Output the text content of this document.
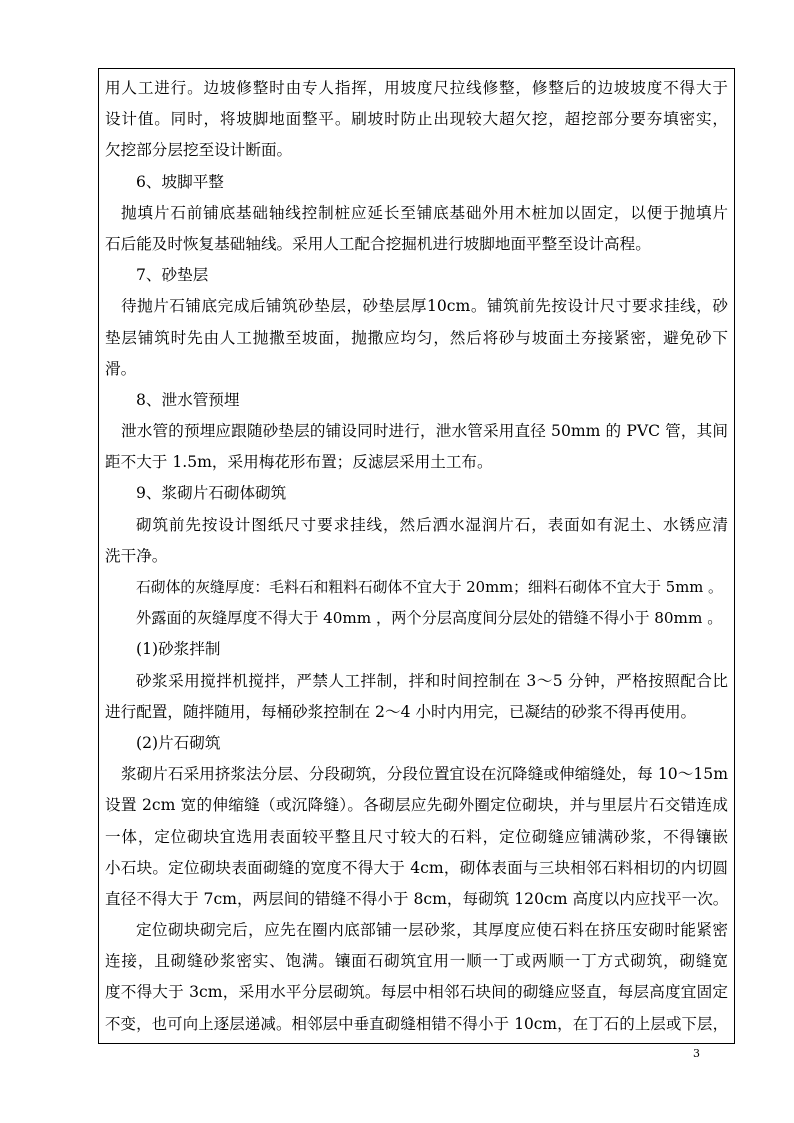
用人工进行。边坡修整时由专人指挥，用坡度尺拉线修整，修整后的边坡坡度不得大于
设计值。同时，将坡脚地面整平。刷坡时防止出现较大超欠挖，超挖部分要夯填密实，
欠挖部分层挖至设计断面。
6、坡脚平整
抛填片石前铺底基础轴线控制桩应延长至铺底基础外用木桩加以固定，以便于抛填片
石后能及时恢复基础轴线。采用人工配合挖掘机进行坡脚地面平整至设计高程。
7、砂垫层
待抛片石铺底完成后铺筑砂垫层，砂垫层厚10cm。铺筑前先按设计尺寸要求挂线，砂
垫层铺筑时先由人工抛撒至坡面，抛撒应均匀，然后将砂与坡面土夯接紧密，避免砂下
滑。
8、泄水管预埋
泄水管的预埋应跟随砂垫层的铺设同时进行，泄水管采用直径 50mm 的 PVC 管，其间
距不大于 1.5m，采用梅花形布置；反滤层采用土工布。
9、浆砌片石砌体砌筑
砌筑前先按设计图纸尺寸要求挂线，然后洒水湿润片石，表面如有泥土、水锈应清
洗干净。
石砌体的灰缝厚度：毛料石和粗料石砌体不宜大于 20mm；细料石砌体不宜大于 5mm 。
外露面的灰缝厚度不得大于 40mm ，两个分层高度间分层处的错缝不得小于 80mm 。
(1)砂浆拌制
砂浆采用搅拌机搅拌，严禁人工拌制，拌和时间控制在 3～5 分钟，严格按照配合比
进行配置，随拌随用，每桶砂浆控制在 2～4 小时内用完，已凝结的砂浆不得再使用。
(2)片石砌筑
浆砌片石采用挤浆法分层、分段砌筑，分段位置宜设在沉降缝或伸缩缝处，每 10～15m
设置 2cm 宽的伸缩缝（或沉降缝）。各砌层应先砌外圈定位砌块，并与里层片石交错连成
一体，定位砌块宜选用表面较平整且尺寸较大的石料，定位砌缝应铺满砂浆，不得镶嵌
小石块。定位砌块表面砌缝的宽度不得大于 4cm，砌体表面与三块相邻石料相切的内切圆
直径不得大于 7cm，两层间的错缝不得小于 8cm，每砌筑 120cm 高度以内应找平一次。
定位砌块砌完后，应先在圈内底部铺一层砂浆，其厚度应使石料在挤压安砌时能紧密
连接，且砌缝砂浆密实、饱满。镶面石砌筑宜用一顺一丁或两顺一丁方式砌筑，砌缝宽
度不得大于 3cm，采用水平分层砌筑。每层中相邻石块间的砌缝应竖直，每层高度宜固定
不变，也可向上逐层递减。相邻层中垂直砌缝相错不得小于 10cm，在丁石的上层或下层，
3
